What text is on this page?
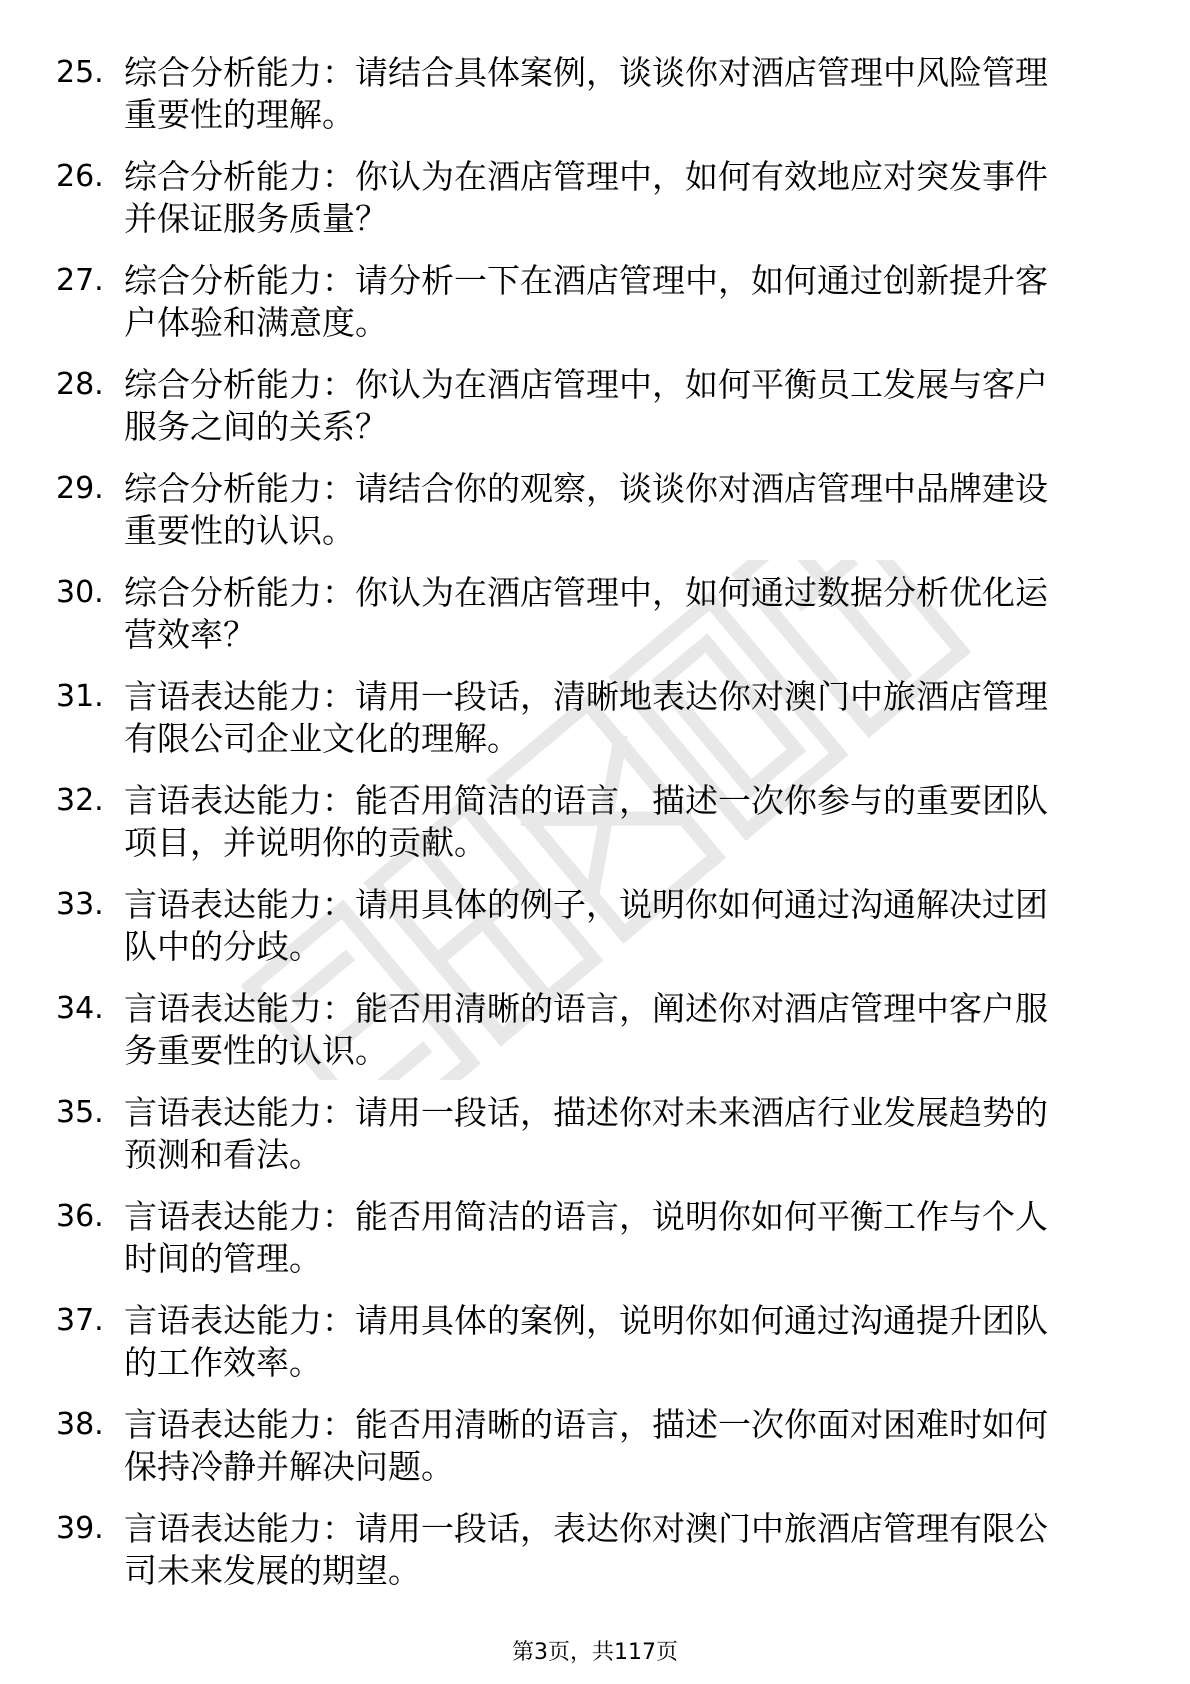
25. 综合分析能力：请结合具体案例，谈谈你对酒店管理中风险管理
重要性的理解。
26. 综合分析能力：你认为在酒店管理中，如何有效地应对突发事件
并保证服务质量？
27. 综合分析能力：请分析一下在酒店管理中，如何通过创新提升客
户体验和满意度。
28. 综合分析能力：你认为在酒店管理中，如何平衡员工发展与客户
服务之间的关系？
29. 综合分析能力：请结合你的观察，谈谈你对酒店管理中品牌建设
重要性的认识。
30. 综合分析能力：你认为在酒店管理中，如何通过数据分析优化运
营效率？
31. 言语表达能力：请用一段话，清晰地表达你对澳门中旅酒店管理
有限公司企业文化的理解。
32. 言语表达能力：能否用简洁的语言，描述一次你参与的重要团队
项目，并说明你的贡献。
33. 言语表达能力：请用具体的例子，说明你如何通过沟通解决过团
队中的分歧。
34. 言语表达能力：能否用清晰的语言，阐述你对酒店管理中客户服
务重要性的认识。
35. 言语表达能力：请用一段话，描述你对未来酒店行业发展趋势的
预测和看法。
36. 言语表达能力：能否用简洁的语言，说明你如何平衡工作与个人
时间的管理。
37. 言语表达能力：请用具体的案例，说明你如何通过沟通提升团队
的工作效率。
38. 言语表达能力：能否用清晰的语言，描述一次你面对困难时如何
保持冷静并解决问题。
39. 言语表达能力：请用一段话，表达你对澳门中旅酒店管理有限公
司未来发展的期望。
第3页，共117页
